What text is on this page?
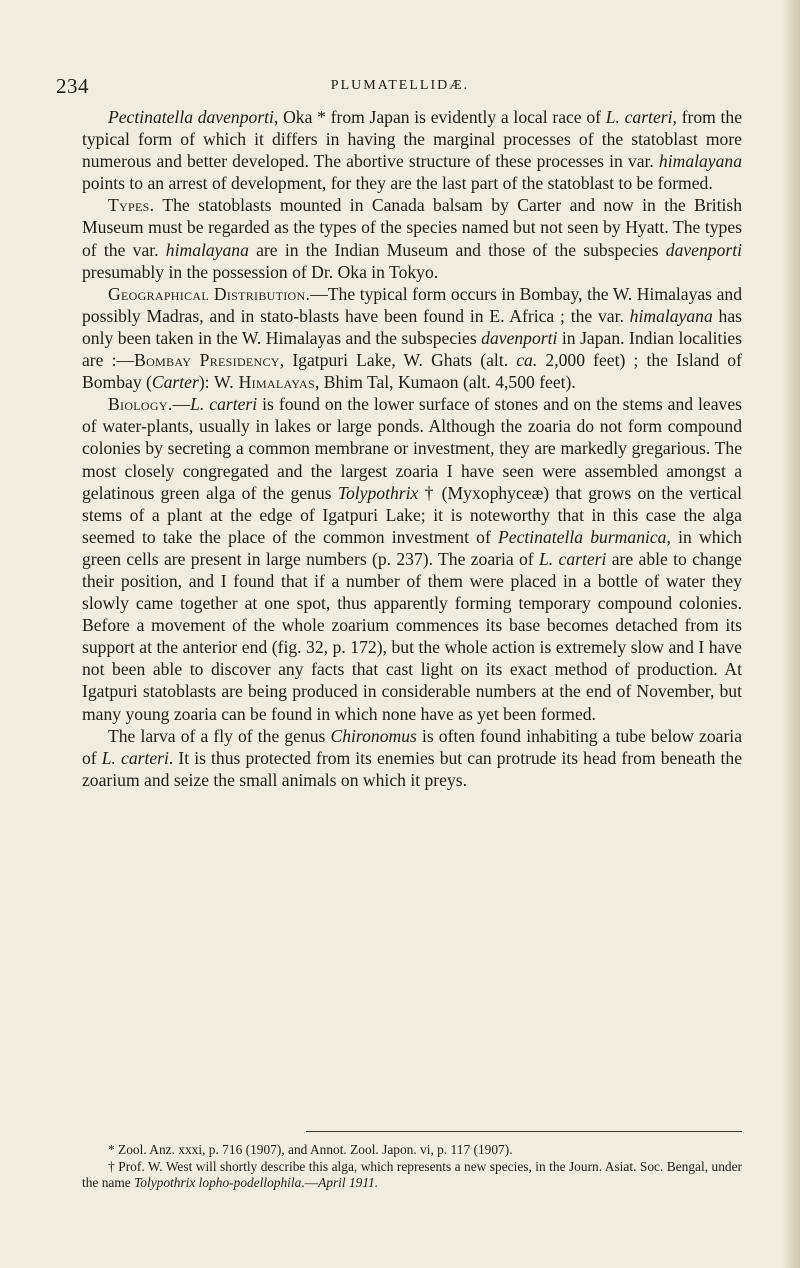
234	PLUMATELLIDÆ.

Pectinatella davenporti, Oka * from Japan is evidently a local race of L. carteri, from the typical form of which it differs in having the marginal processes of the statoblast more numerous and better developed. The abortive structure of these processes in var. himalayana points to an arrest of development, for they are the last part of the statoblast to be formed.

Types. The statoblasts mounted in Canada balsam by Carter and now in the British Museum must be regarded as the types of the species named but not seen by Hyatt. The types of the var. himalayana are in the Indian Museum and those of the subspecies davenporti presumably in the possession of Dr. Oka in Tokyo.

Geographical Distribution.—The typical form occurs in Bombay, the W. Himalayas and possibly Madras, and in stato-blasts have been found in E. Africa ; the var. himalayana has only been taken in the W. Himalayas and the subspecies davenporti in Japan. Indian localities are :—Bombay Presidency, Igatpuri Lake, W. Ghats (alt. ca. 2,000 feet) ; the Island of Bombay (Carter): W. Himalayas, Bhim Tal, Kumaon (alt. 4,500 feet).

Biology.—L. carteri is found on the lower surface of stones and on the stems and leaves of water-plants, usually in lakes or large ponds. Although the zoaria do not form compound colonies by secreting a common membrane or investment, they are markedly gregarious. The most closely congregated and the largest zoaria I have seen were assembled amongst a gelatinous green alga of the genus Tolypothrix † (Myxophyceæ) that grows on the vertical stems of a plant at the edge of Igatpuri Lake; it is noteworthy that in this case the alga seemed to take the place of the common investment of Pectinatella burmanica, in which green cells are present in large numbers (p. 237). The zoaria of L. carteri are able to change their position, and I found that if a number of them were placed in a bottle of water they slowly came together at one spot, thus apparently forming temporary compound colonies. Before a movement of the whole zoarium commences its base becomes detached from its support at the anterior end (fig. 32, p. 172), but the whole action is extremely slow and I have not been able to discover any facts that cast light on its exact method of production. At Igatpuri statoblasts are being produced in considerable numbers at the end of November, but many young zoaria can be found in which none have as yet been formed.

The larva of a fly of the genus Chironomus is often found inhabiting a tube below zoaria of L. carteri. It is thus protected from its enemies but can protrude its head from beneath the zoarium and seize the small animals on which it preys.

* Zool. Anz. xxxi, p. 716 (1907), and Annot. Zool. Japon. vi, p. 117 (1907).

† Prof. W. West will shortly describe this alga, which represents a new species, in the Journ. Asiat. Soc. Bengal, under the name Tolypothrix lopho-podellophila.—April 1911.
